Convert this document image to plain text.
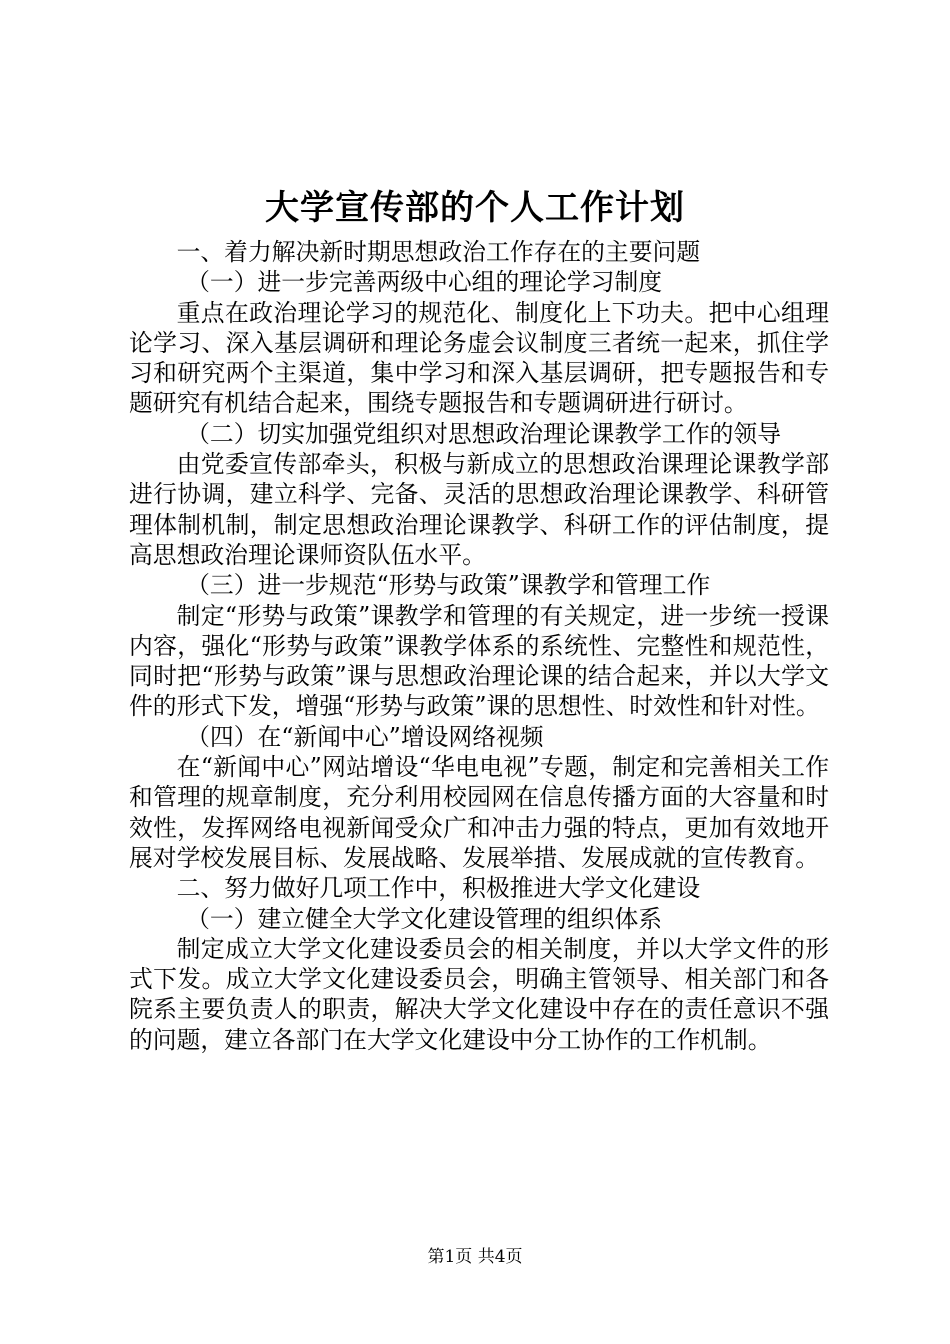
大学宣传部的个人工作计划

一、着力解决新时期思想政治工作存在的主要问题

（一）进一步完善两级中心组的理论学习制度

重点在政治理论学习的规范化、制度化上下功夫。把中心组理论学习、深入基层调研和理论务虚会议制度三者统一起来，抓住学习和研究两个主渠道，集中学习和深入基层调研，把专题报告和专题研究有机结合起来，围绕专题报告和专题调研进行研讨。

（二）切实加强党组织对思想政治理论课教学工作的领导

由党委宣传部牵头，积极与新成立的思想政治课理论课教学部进行协调，建立科学、完备、灵活的思想政治理论课教学、科研管理体制机制，制定思想政治理论课教学、科研工作的评估制度，提高思想政治理论课师资队伍水平。

（三）进一步规范“形势与政策”课教学和管理工作

制定“形势与政策”课教学和管理的有关规定，进一步统一授课内容，强化“形势与政策”课教学体系的系统性、完整性和规范性，同时把“形势与政策”课与思想政治理论课的结合起来，并以大学文件的形式下发，增强“形势与政策”课的思想性、时效性和针对性。

（四）在“新闻中心”增设网络视频

在“新闻中心”网站增设“华电电视”专题，制定和完善相关工作和管理的规章制度，充分利用校园网在信息传播方面的大容量和时效性，发挥网络电视新闻受众广和冲击力强的特点，更加有效地开展对学校发展目标、发展战略、发展举措、发展成就的宣传教育。

二、努力做好几项工作中，积极推进大学文化建设

（一）建立健全大学文化建设管理的组织体系

制定成立大学文化建设委员会的相关制度，并以大学文件的形式下发。成立大学文化建设委员会，明确主管领导、相关部门和各院系主要负责人的职责，解决大学文化建设中存在的责任意识不强的问题，建立各部门在大学文化建设中分工协作的工作机制。

第1页 共4页
